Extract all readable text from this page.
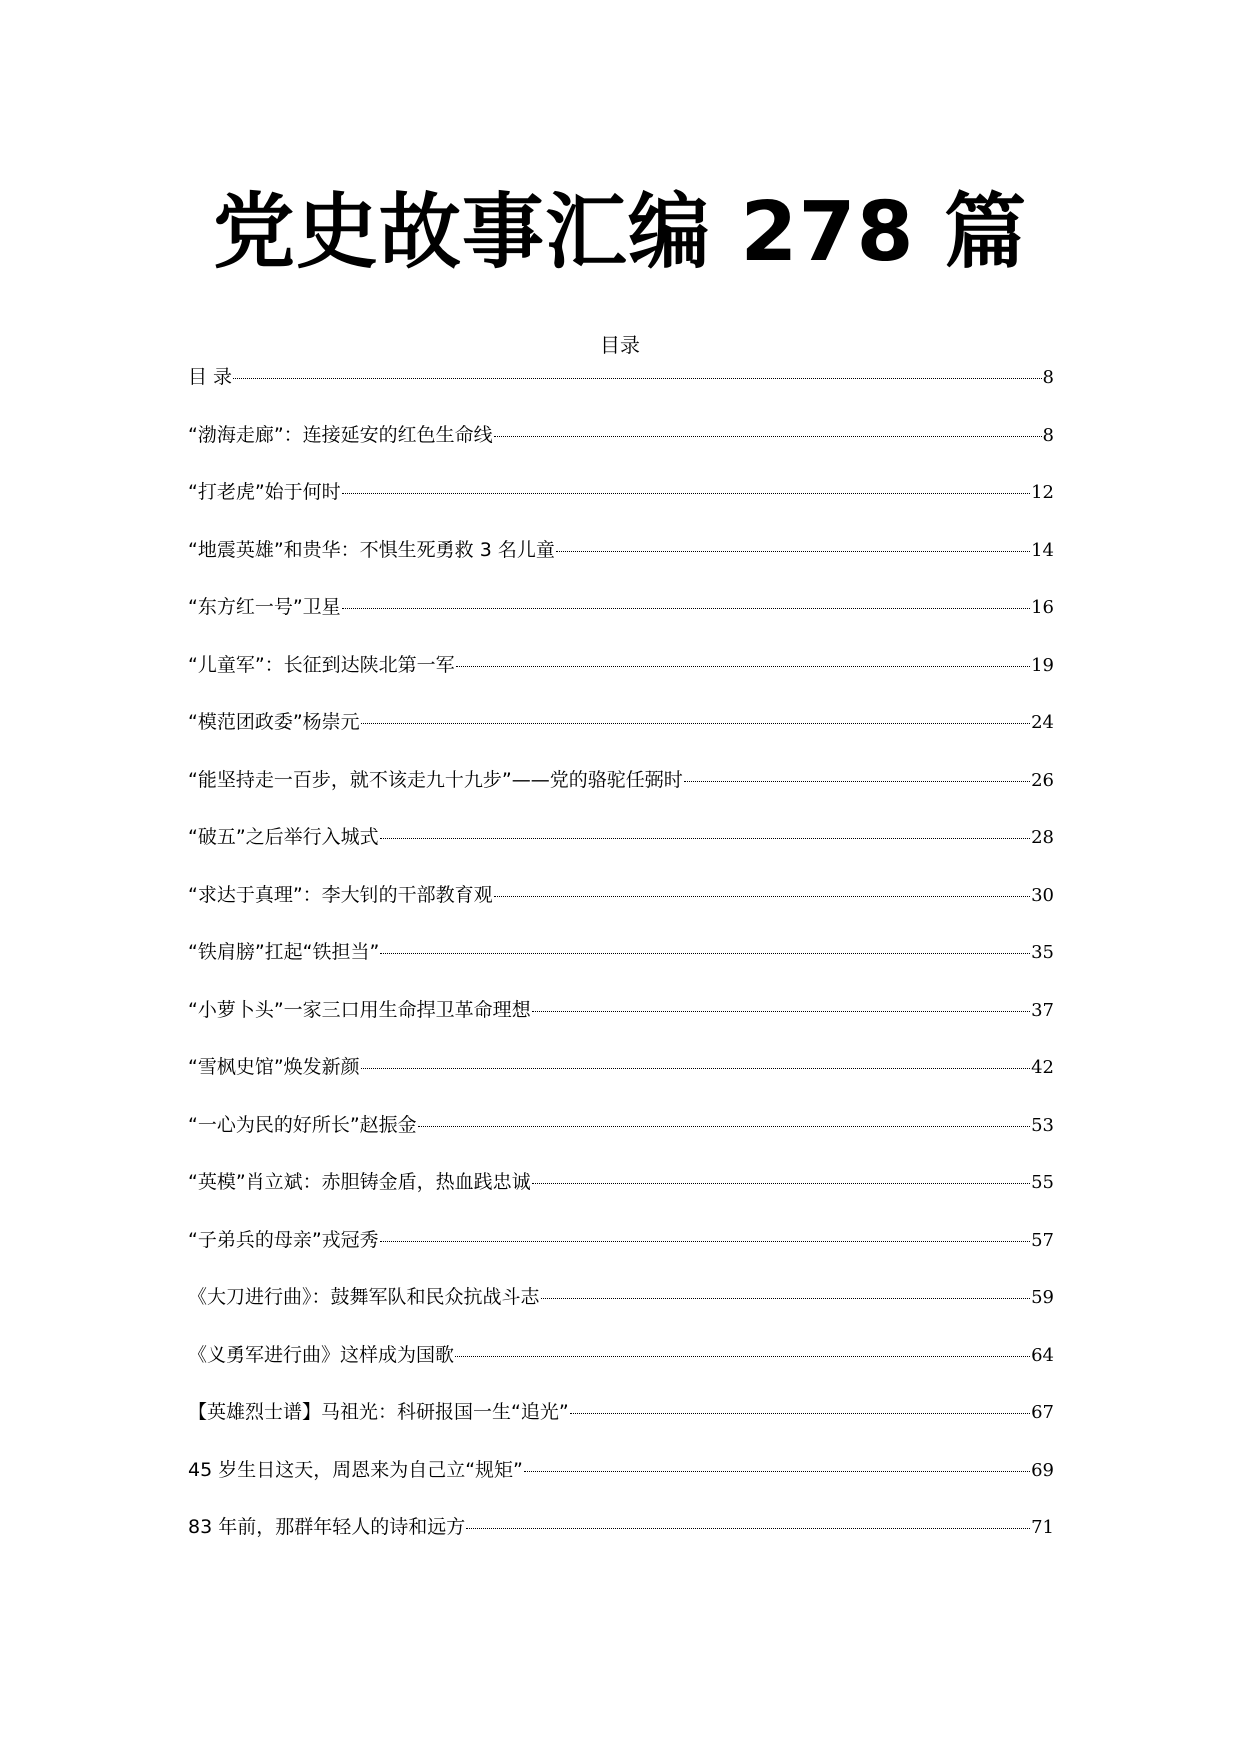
党史故事汇编 278 篇
目录
目 录	8
“渤海走廊”：连接延安的红色生命线	8
“打老虎”始于何时	12
“地震英雄”和贵华：不惧生死勇救 3 名儿童	14
“东方红一号”卫星	16
“儿童军”：长征到达陕北第一军	19
“模范团政委”杨崇元	24
“能坚持走一百步，就不该走九十九步”——党的骆驼任弼时	26
“破五”之后举行入城式	28
“求达于真理”：李大钊的干部教育观	30
“铁肩膀”扛起“铁担当”	35
“小萝卜头”一家三口用生命捍卫革命理想	37
“雪枫史馆”焕发新颜	42
“一心为民的好所长”赵振金	53
“英模”肖立斌：赤胆铸金盾，热血践忠诚	55
“子弟兵的母亲”戎冠秀	57
《大刀进行曲》：鼓舞军队和民众抗战斗志	59
《义勇军进行曲》这样成为国歌	64
【英雄烈士谱】马祖光：科研报国一生“追光”	67
45 岁生日这天，周恩来为自己立“规矩”	69
83 年前，那群年轻人的诗和远方	71
